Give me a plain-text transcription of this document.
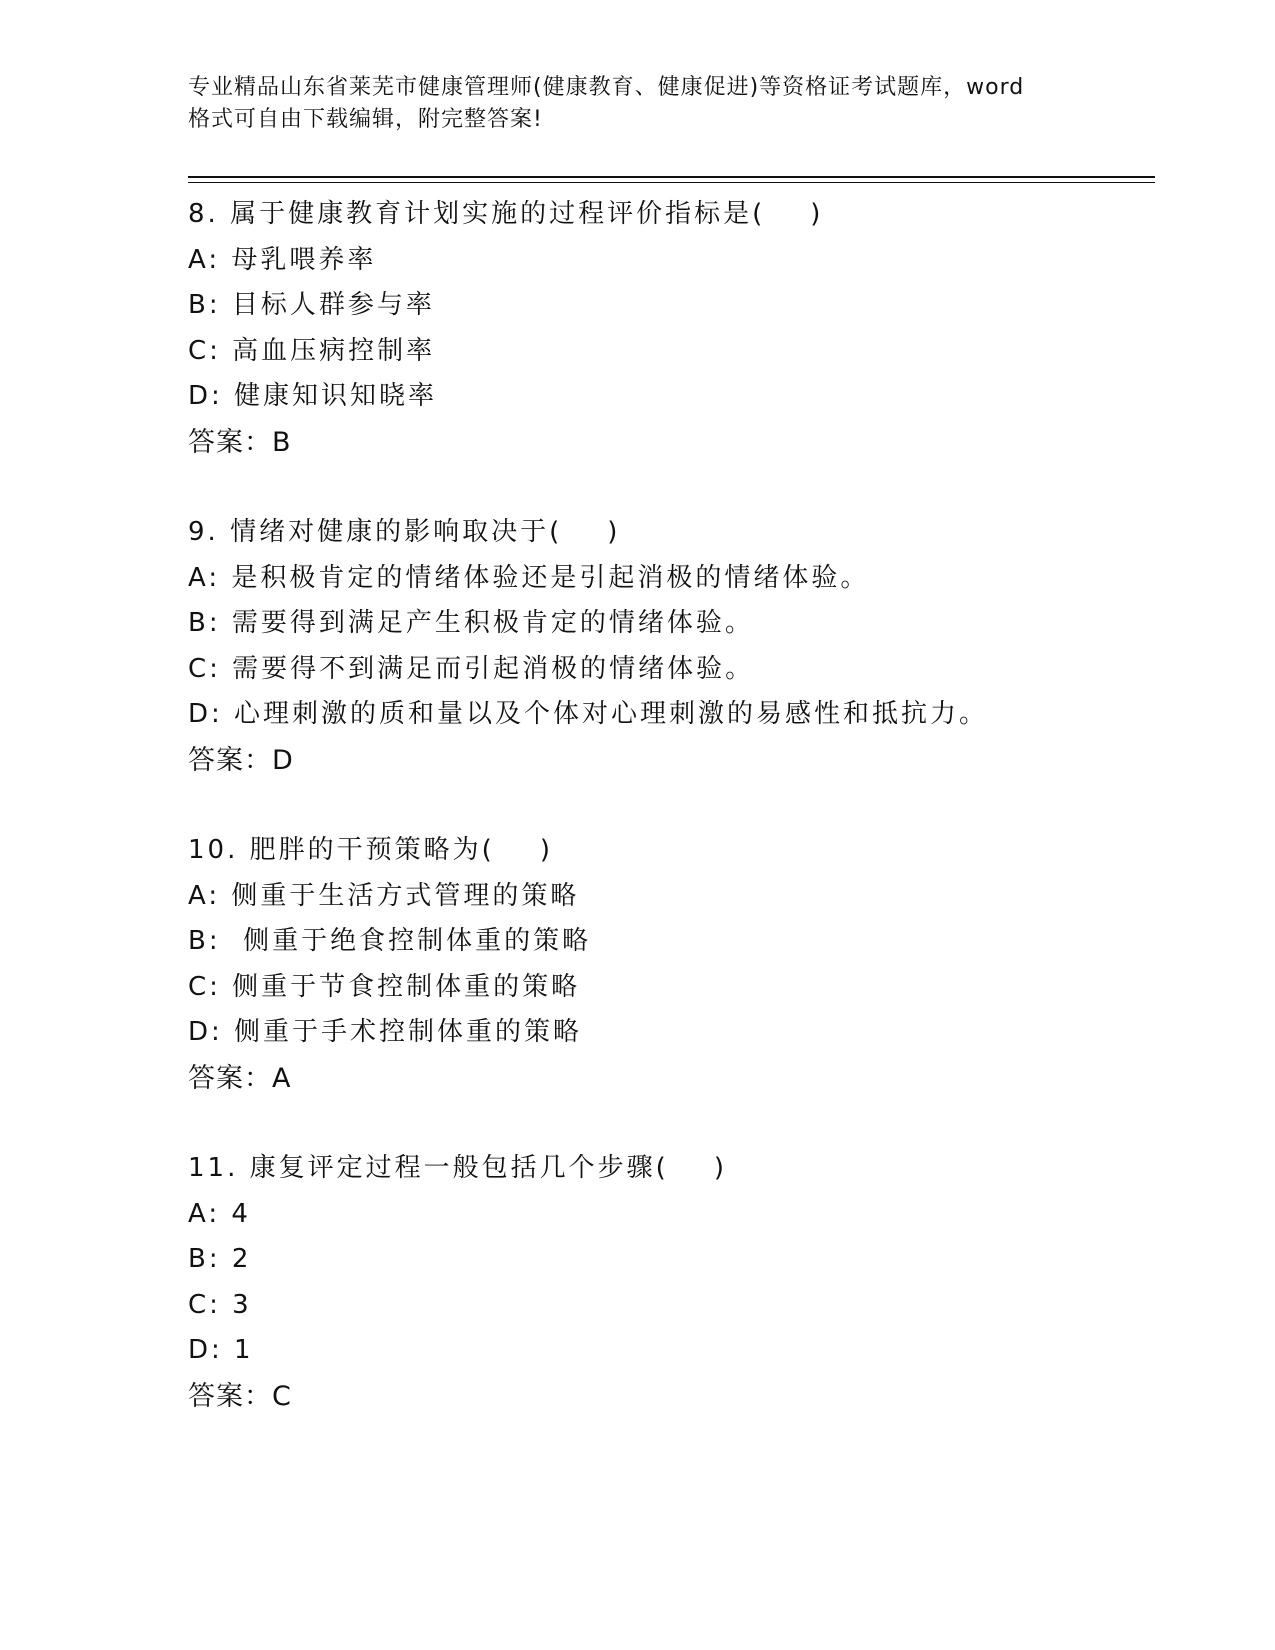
专业精品山东省莱芜市健康管理师(健康教育、健康促进)等资格证考试题库，word
格式可自由下载编辑，附完整答案!
8. 属于健康教育计划实施的过程评价指标是(    )
A: 母乳喂养率
B: 目标人群参与率
C: 高血压病控制率
D: 健康知识知晓率
答案：B
9. 情绪对健康的影响取决于(    )
A: 是积极肯定的情绪体验还是引起消极的情绪体验。
B: 需要得到满足产生积极肯定的情绪体验。
C: 需要得不到满足而引起消极的情绪体验。
D: 心理刺激的质和量以及个体对心理刺激的易感性和抵抗力。
答案：D
10. 肥胖的干预策略为(    )
A: 侧重于生活方式管理的策略
B:  侧重于绝食控制体重的策略
C: 侧重于节食控制体重的策略
D: 侧重于手术控制体重的策略
答案：A
11. 康复评定过程一般包括几个步骤(    )
A: 4
B: 2
C: 3
D: 1
答案：C
